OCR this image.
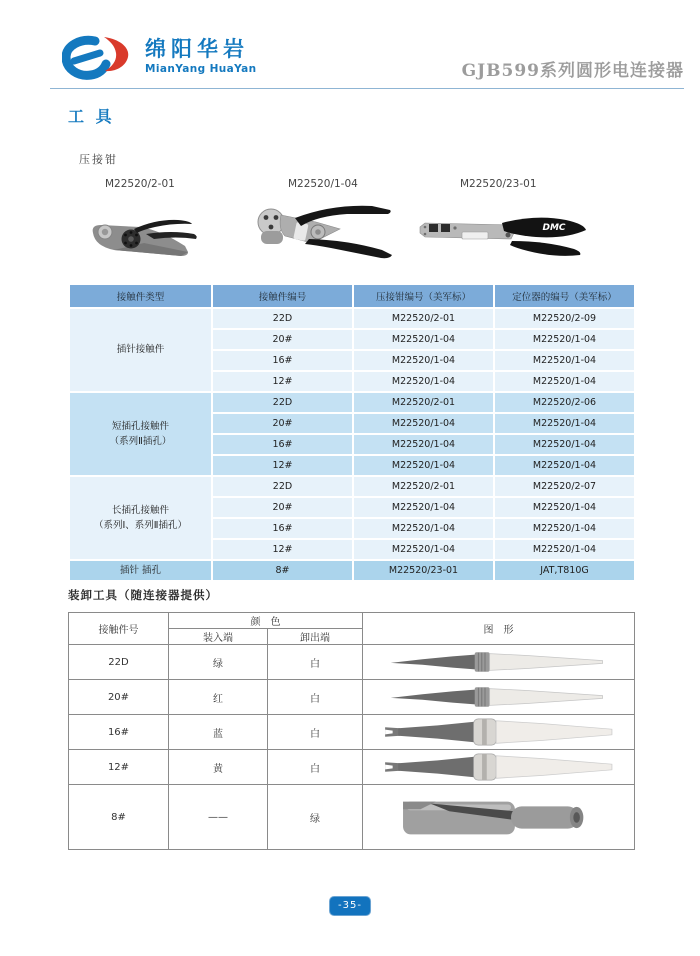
绵阳华岩
MianYang HuaYan	GJB599系列圆形电连接器
工 具
压接钳
M22520/2-01	M22520/1-04	M22520/23-01
DMC
接触件类型	接触件编号	压接钳编号（美军标）	定位器的编号（美军标）
插针接触件	22D	M22520/2-01	M22520/2-09
	20#	M22520/1-04	M22520/1-04
	16#	M22520/1-04	M22520/1-04
	12#	M22520/1-04	M22520/1-04
短插孔接触件
（系列Ⅱ插孔）	22D	M22520/2-01	M22520/2-06
	20#	M22520/1-04	M22520/1-04
	16#	M22520/1-04	M22520/1-04
	12#	M22520/1-04	M22520/1-04
长插孔接触件
（系列Ⅰ、系列Ⅱ插孔）	22D	M22520/2-01	M22520/2-07
	20#	M22520/1-04	M22520/1-04
	16#	M22520/1-04	M22520/1-04
	12#	M22520/1-04	M22520/1-04
插针 插孔	8#	M22520/23-01	JAT,T810G
装卸工具（随连接器提供）
接触件号	颜　色		图　形
	装入端	卸出端	
22D	绿	白	

20#	红	白	

16#	蓝	白	

12#	黄	白	

8#	——	绿	
-35-
